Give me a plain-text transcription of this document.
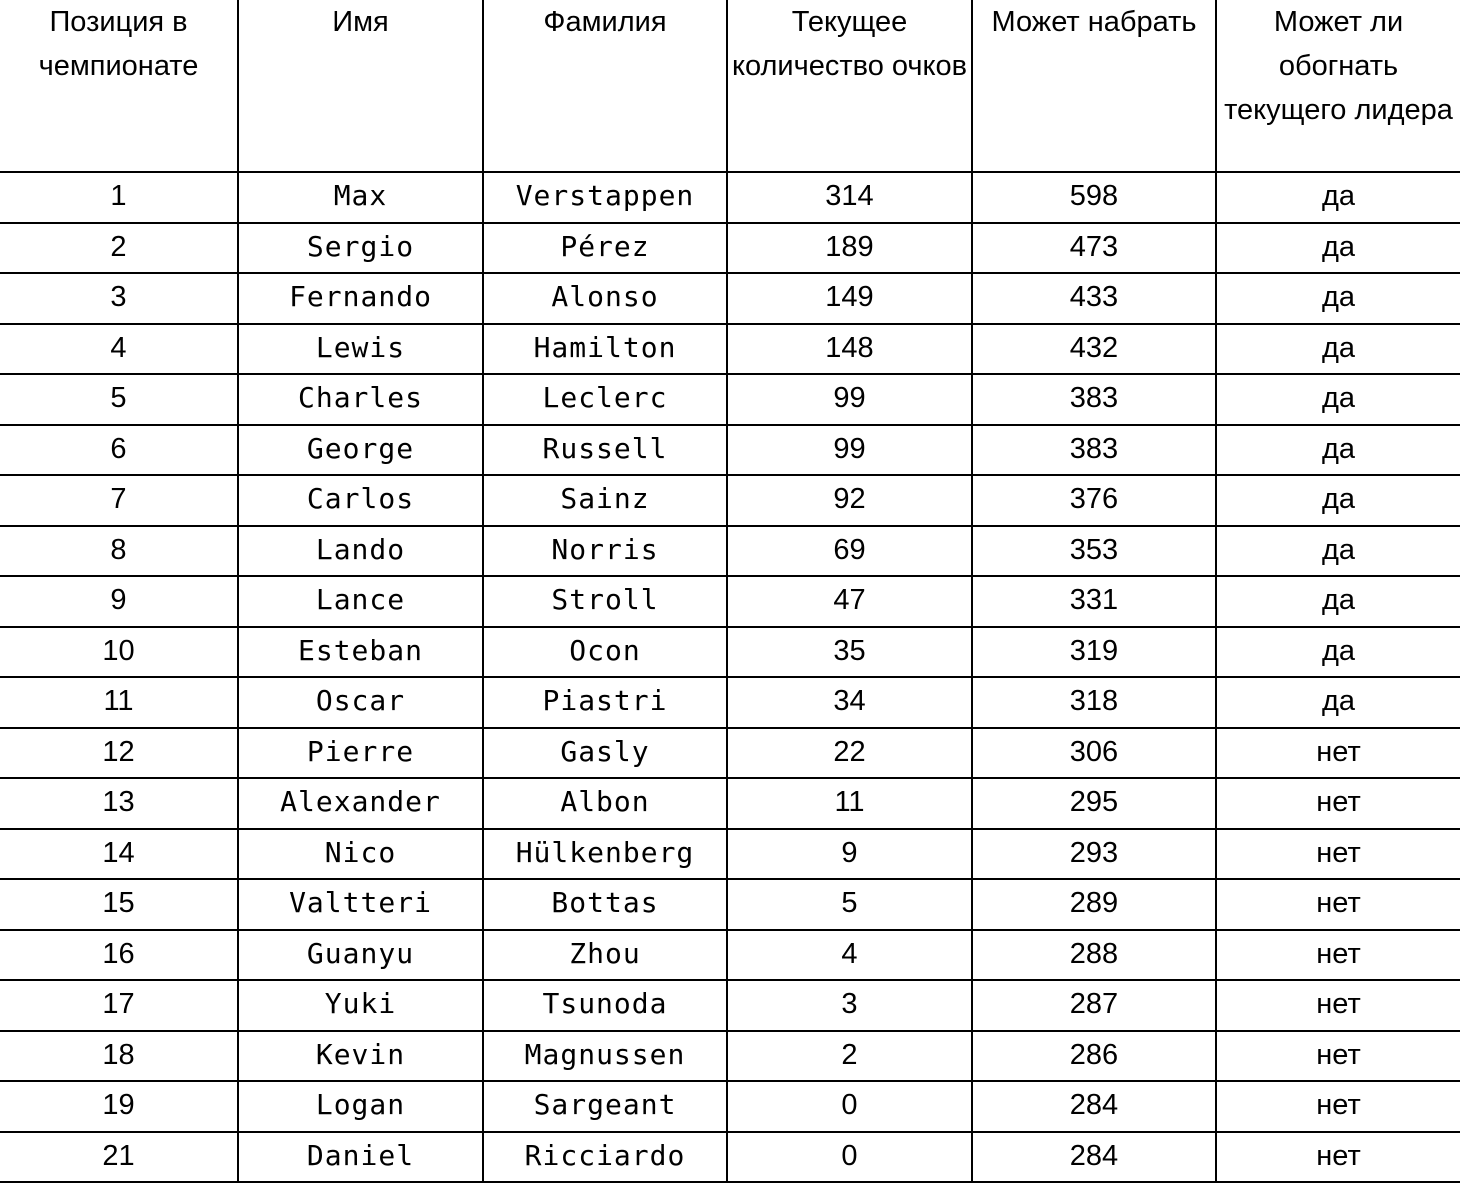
Позиция в чемпионате	Имя	Фамилия	Текущее количество очков	Может набрать	Может ли обогнать текущего лидера
1	Max	Verstappen	314	598	да
2	Sergio	Pérez	189	473	да
3	Fernando	Alonso	149	433	да
4	Lewis	Hamilton	148	432	да
5	Charles	Leclerc	99	383	да
6	George	Russell	99	383	да
7	Carlos	Sainz	92	376	да
8	Lando	Norris	69	353	да
9	Lance	Stroll	47	331	да
10	Esteban	Ocon	35	319	да
11	Oscar	Piastri	34	318	да
12	Pierre	Gasly	22	306	нет
13	Alexander	Albon	11	295	нет
14	Nico	Hülkenberg	9	293	нет
15	Valtteri	Bottas	5	289	нет
16	Guanyu	Zhou	4	288	нет
17	Yuki	Tsunoda	3	287	нет
18	Kevin	Magnussen	2	286	нет
19	Logan	Sargeant	0	284	нет
21	Daniel	Ricciardo	0	284	нет
